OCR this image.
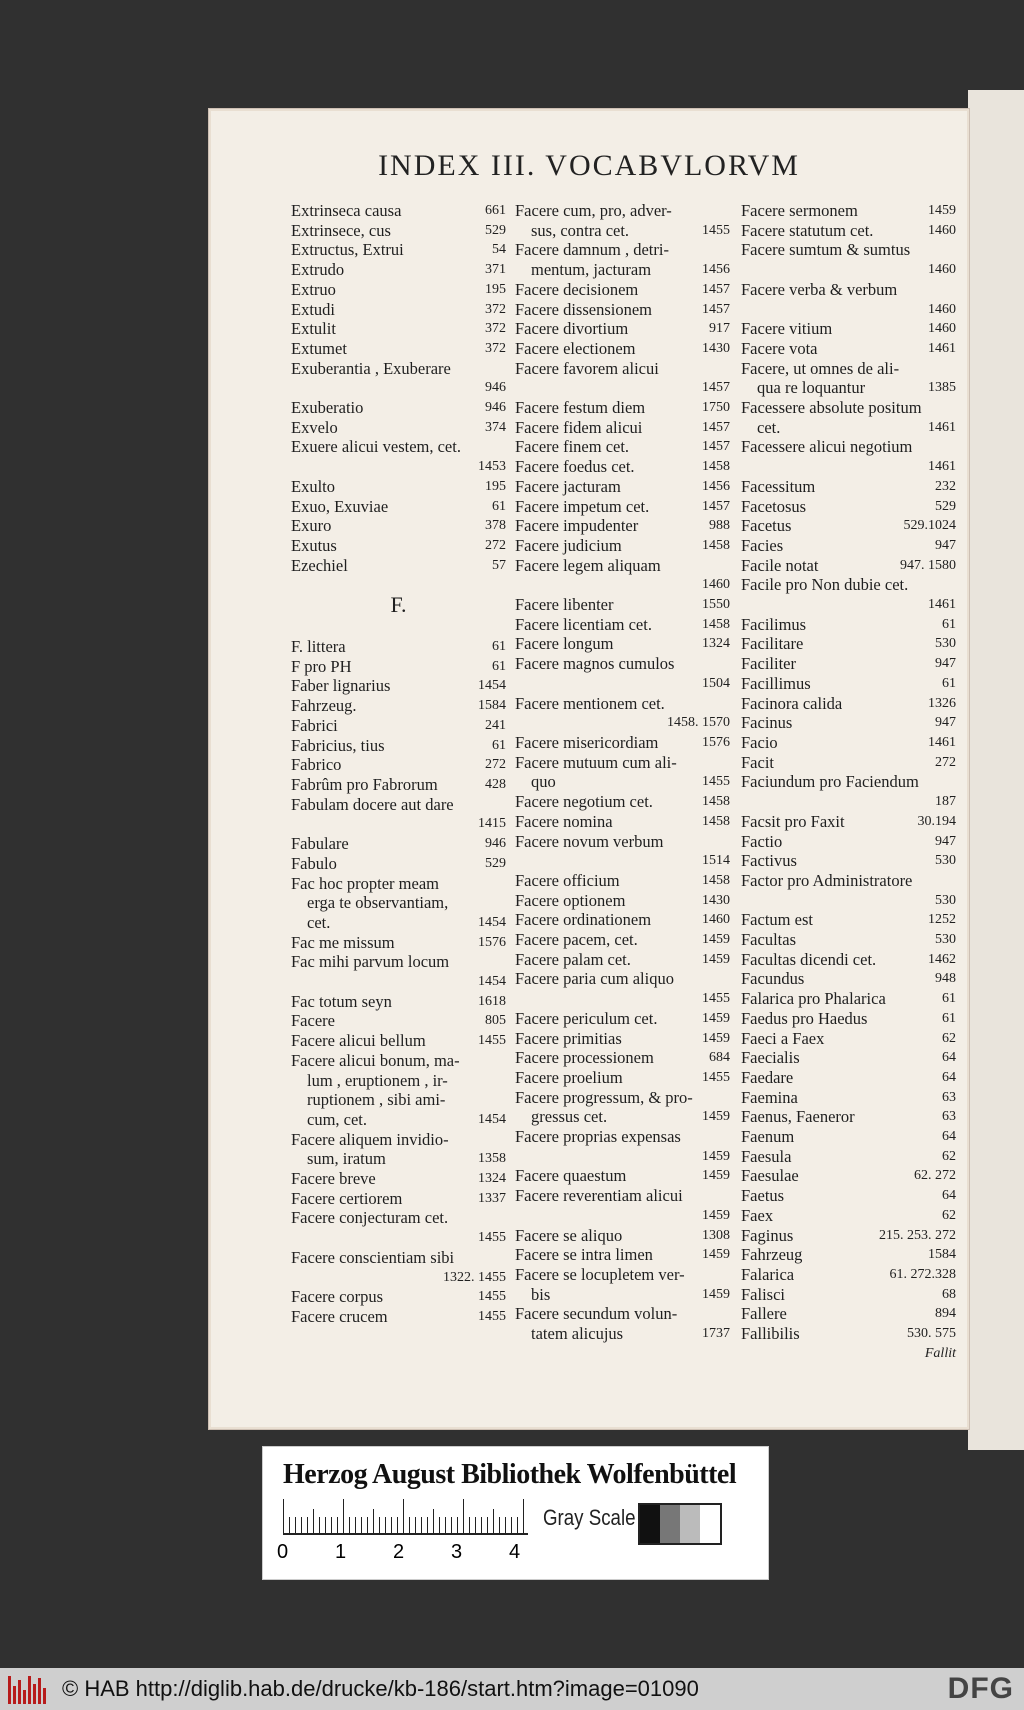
INDEX III. VOCABVLORVM
Extrinseca causa	661
Extrinsece, cus	529
Extructus, Extrui	54
Extrudo	371
Extruo	195
Extudi	372
Extulit	372
Extumet	372
Exuberantia , Exuberare
946
Exuberatio	946
Exvelo	374
Exuere alicui vestem, cet.
1453
Exulto	195
Exuo, Exuviae	61
Exuro	378
Exutus	272
Ezechiel	57
F.
F. littera	61
F pro PH	61
Faber lignarius	1454
Fahrzeug.	1584
Fabrici	241
Fabricius, tius	61
Fabrico	272
Fabrûm pro Fabrorum	428
Fabulam docere aut dare
1415
Fabulare	946
Fabulo	529
Fac hoc propter meam
erga te observantiam,
cet.	1454
Fac me missum	1576
Fac mihi parvum locum
1454
Fac totum seyn	1618
Facere	805
Facere alicui bellum	1455
Facere alicui bonum, ma-
lum , eruptionem , ir-
ruptionem , sibi ami-
cum, cet.	1454
Facere aliquem invidio-
sum, iratum	1358
Facere breve	1324
Facere certiorem	1337
Facere conjecturam cet.
1455
Facere conscientiam sibi
1322. 1455
Facere corpus	1455
Facere crucem	1455
Facere cum, pro, adver-
sus, contra cet.	1455
Facere damnum , detri-
mentum, jacturam	1456
Facere decisionem	1457
Facere dissensionem	1457
Facere divortium	917
Facere electionem	1430
Facere favorem alicui
1457
Facere festum diem	1750
Facere fidem alicui	1457
Facere finem cet.	1457
Facere foedus cet.	1458
Facere jacturam	1456
Facere impetum cet.	1457
Facere impudenter	988
Facere judicium	1458
Facere legem aliquam
1460
Facere libenter	1550
Facere licentiam cet.	1458
Facere longum	1324
Facere magnos cumulos
1504
Facere mentionem cet.
1458. 1570
Facere misericordiam	1576
Facere mutuum cum ali-
quo	1455
Facere negotium cet.	1458
Facere nomina	1458
Facere novum verbum
1514
Facere officium	1458
Facere optionem	1430
Facere ordinationem	1460
Facere pacem, cet.	1459
Facere palam cet.	1459
Facere paria cum aliquo
1455
Facere periculum cet.	1459
Facere primitias	1459
Facere processionem	684
Facere proelium	1455
Facere progressum, & pro-
gressus cet.	1459
Facere proprias expensas
1459
Facere quaestum	1459
Facere reverentiam alicui
1459
Facere se aliquo	1308
Facere se intra limen	1459
Facere se locupletem ver-
bis	1459
Facere secundum volun-
tatem alicujus	1737
Facere sermonem	1459
Facere statutum cet.	1460
Facere sumtum & sumtus
1460
Facere verba & verbum
1460
Facere vitium	1460
Facere vota	1461
Facere, ut omnes de ali-
qua re loquantur	1385
Facessere absolute positum
cet.	1461
Facessere alicui negotium
1461
Facessitum	232
Facetosus	529
Facetus	529.1024
Facies	947
Facile notat	947. 1580
Facile pro Non dubie cet.
1461
Facilimus	61
Facilitare	530
Faciliter	947
Facillimus	61
Facinora calida	1326
Facinus	947
Facio	1461
Facit	272
Faciundum pro Faciendum
187
Facsit pro Faxit	30.194
Factio	947
Factivus	530
Factor pro Administratore
530
Factum est	1252
Facultas	530
Facultas dicendi cet.	1462
Facundus	948
Falarica pro Phalarica	61
Faedus pro Haedus	61
Faeci a Faex	62
Faecialis	64
Faedare	64
Faemina	63
Faenus, Faeneror	63
Faenum	64
Faesula	62
Faesulae	62. 272
Faetus	64
Faex	62
Faginus	215. 253. 272
Fahrzeug	1584
Falarica	61. 272.328
Falisci	68
Fallere	894
Fallibilis	530. 575
Fallit
Herzog August Bibliothek Wolfenbüttel
0 1 2 3 4
Gray Scale
© HAB http://diglib.hab.de/drucke/kb-186/start.htm?image=01090	DFG
